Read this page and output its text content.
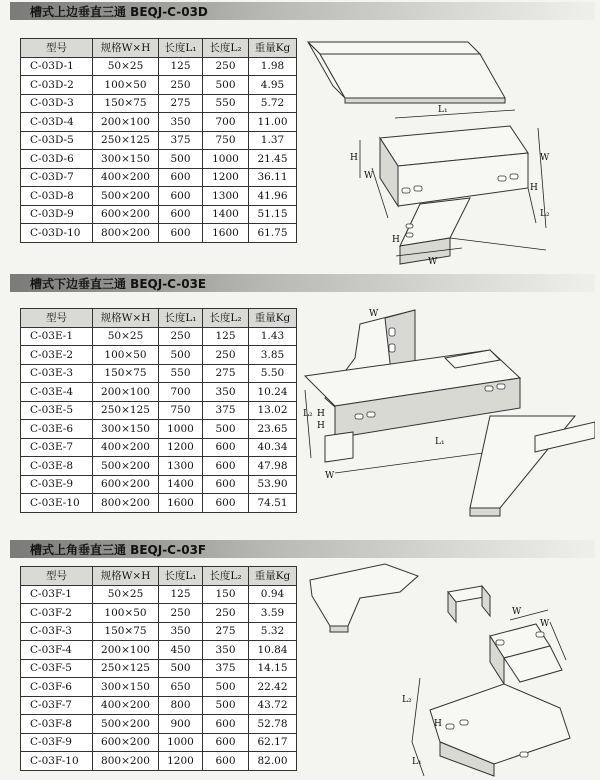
槽式上边垂直三通 BEQJ-C-03D
型号	规格W×H	长度L₁	长度L₂	重量Kg
C-03D-1	50×25	125	250	1.98
C-03D-2	100×50	250	500	4.95
C-03D-3	150×75	275	550	5.72
C-03D-4	200×100	350	700	11.00
C-03D-5	250×125	375	750	1.37
C-03D-6	300×150	500	1000	21.45
C-03D-7	400×200	600	1200	36.11
C-03D-8	500×200	600	1300	41.96
C-03D-9	600×200	600	1400	51.15
C-03D-10	800×200	600	1600	61.75
L₁
H
W
W
H
L₂
W
H
槽式下边垂直三通 BEQJ-C-03E
型号	规格W×H	长度L₁	长度L₂	重量Kg
C-03E-1	50×25	250	125	1.43
C-03E-2	100×50	500	250	3.85
C-03E-3	150×75	550	275	5.50
C-03E-4	200×100	700	350	10.24
C-03E-5	250×125	750	375	13.02
C-03E-6	300×150	1000	500	23.65
C-03E-7	400×200	1200	600	40.34
C-03E-8	500×200	1300	600	47.98
C-03E-9	600×200	1400	600	53.90
C-03E-10	800×200	1600	600	74.51
W
H
H
L₂
L₁
W
槽式上角垂直三通 BEQJ-C-03F
型号	规格W×H	长度L₁	长度L₂	重量Kg
C-03F-1	50×25	125	150	0.94
C-03F-2	100×50	250	250	3.59
C-03F-3	150×75	350	275	5.32
C-03F-4	200×100	450	350	10.84
C-03F-5	250×125	500	375	14.15
C-03F-6	300×150	650	500	22.42
C-03F-7	400×200	800	500	43.72
C-03F-8	500×200	900	600	52.78
C-03F-9	600×200	1000	600	62.17
C-03F-10	800×200	1200	600	82.00
L₂
L₁
H
W
W
